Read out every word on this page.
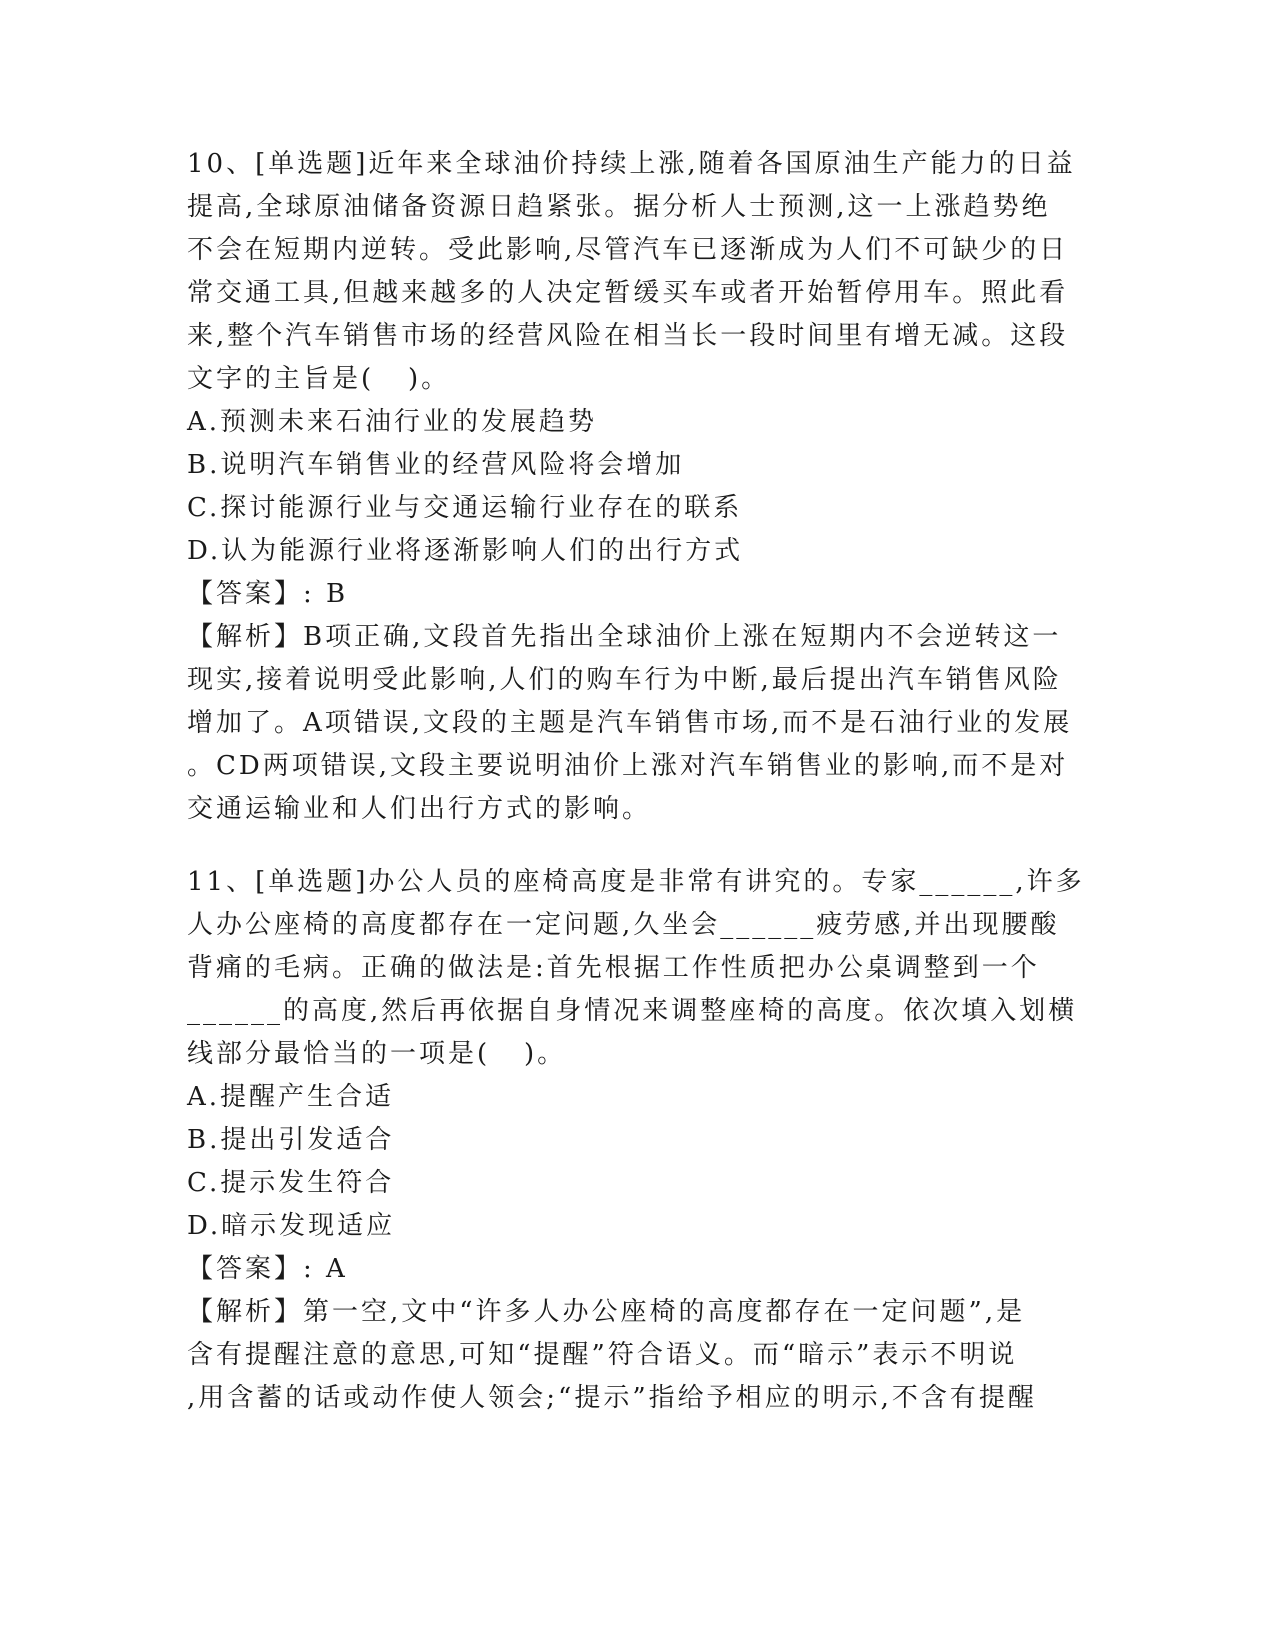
10、[单选题]近年来全球油价持续上涨,随着各国原油生产能力的日益
提高,全球原油储备资源日趋紧张。据分析人士预测,这一上涨趋势绝
不会在短期内逆转。受此影响,尽管汽车已逐渐成为人们不可缺少的日
常交通工具,但越来越多的人决定暂缓买车或者开始暂停用车。照此看
来,整个汽车销售市场的经营风险在相当长一段时间里有增无减。这段
文字的主旨是(   )。
A.预测未来石油行业的发展趋势
B.说明汽车销售业的经营风险将会增加
C.探讨能源行业与交通运输行业存在的联系
D.认为能源行业将逐渐影响人们的出行方式
【答案】: B
【解析】B项正确,文段首先指出全球油价上涨在短期内不会逆转这一
现实,接着说明受此影响,人们的购车行为中断,最后提出汽车销售风险
增加了。A项错误,文段的主题是汽车销售市场,而不是石油行业的发展
。CD两项错误,文段主要说明油价上涨对汽车销售业的影响,而不是对
交通运输业和人们出行方式的影响。
11、[单选题]办公人员的座椅高度是非常有讲究的。专家______,许多
人办公座椅的高度都存在一定问题,久坐会______疲劳感,并出现腰酸
背痛的毛病。正确的做法是:首先根据工作性质把办公桌调整到一个
______的高度,然后再依据自身情况来调整座椅的高度。依次填入划横
线部分最恰当的一项是(   )。
A.提醒产生合适
B.提出引发适合
C.提示发生符合
D.暗示发现适应
【答案】: A
【解析】第一空,文中“许多人办公座椅的高度都存在一定问题”,是
含有提醒注意的意思,可知“提醒”符合语义。而“暗示”表示不明说
,用含蓄的话或动作使人领会;“提示”指给予相应的明示,不含有提醒
